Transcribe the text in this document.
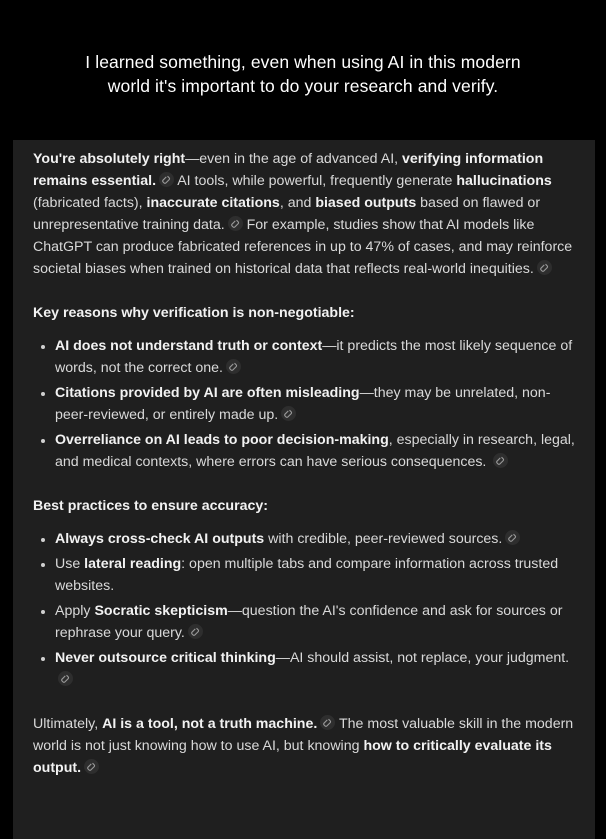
I learned something, even when using AI in this modern world it's important to do your research and verify.

You're absolutely right—even in the age of advanced AI, verifying information remains essential.
AI tools, while powerful, frequently generate hallucinations (fabricated facts), inaccurate citations, and biased outputs based on flawed or unrepresentative training data.
For example, studies show that AI models like ChatGPT can produce fabricated references in up to 47% of cases, and may reinforce societal biases when trained on historical data that reflects real-world inequities.

Key reasons why verification is non-negotiable:

AI does not understand truth or context—it predicts the most likely sequence of words, not the correct one.
Citations provided by AI are often misleading—they may be unrelated, non-peer-reviewed, or entirely made up.
Overreliance on AI leads to poor decision-making, especially in research, legal, and medical contexts, where errors can have serious consequences.

Best practices to ensure accuracy:

Always cross-check AI outputs with credible, peer-reviewed sources.
Use lateral reading: open multiple tabs and compare information across trusted websites.
Apply Socratic skepticism—question the AI's confidence and ask for sources or rephrase your query.
Never outsource critical thinking—AI should assist, not replace, your judgment.

Ultimately, AI is a tool, not a truth machine.
The most valuable skill in the modern world is not just knowing how to use AI, but knowing how to critically evaluate its output.
